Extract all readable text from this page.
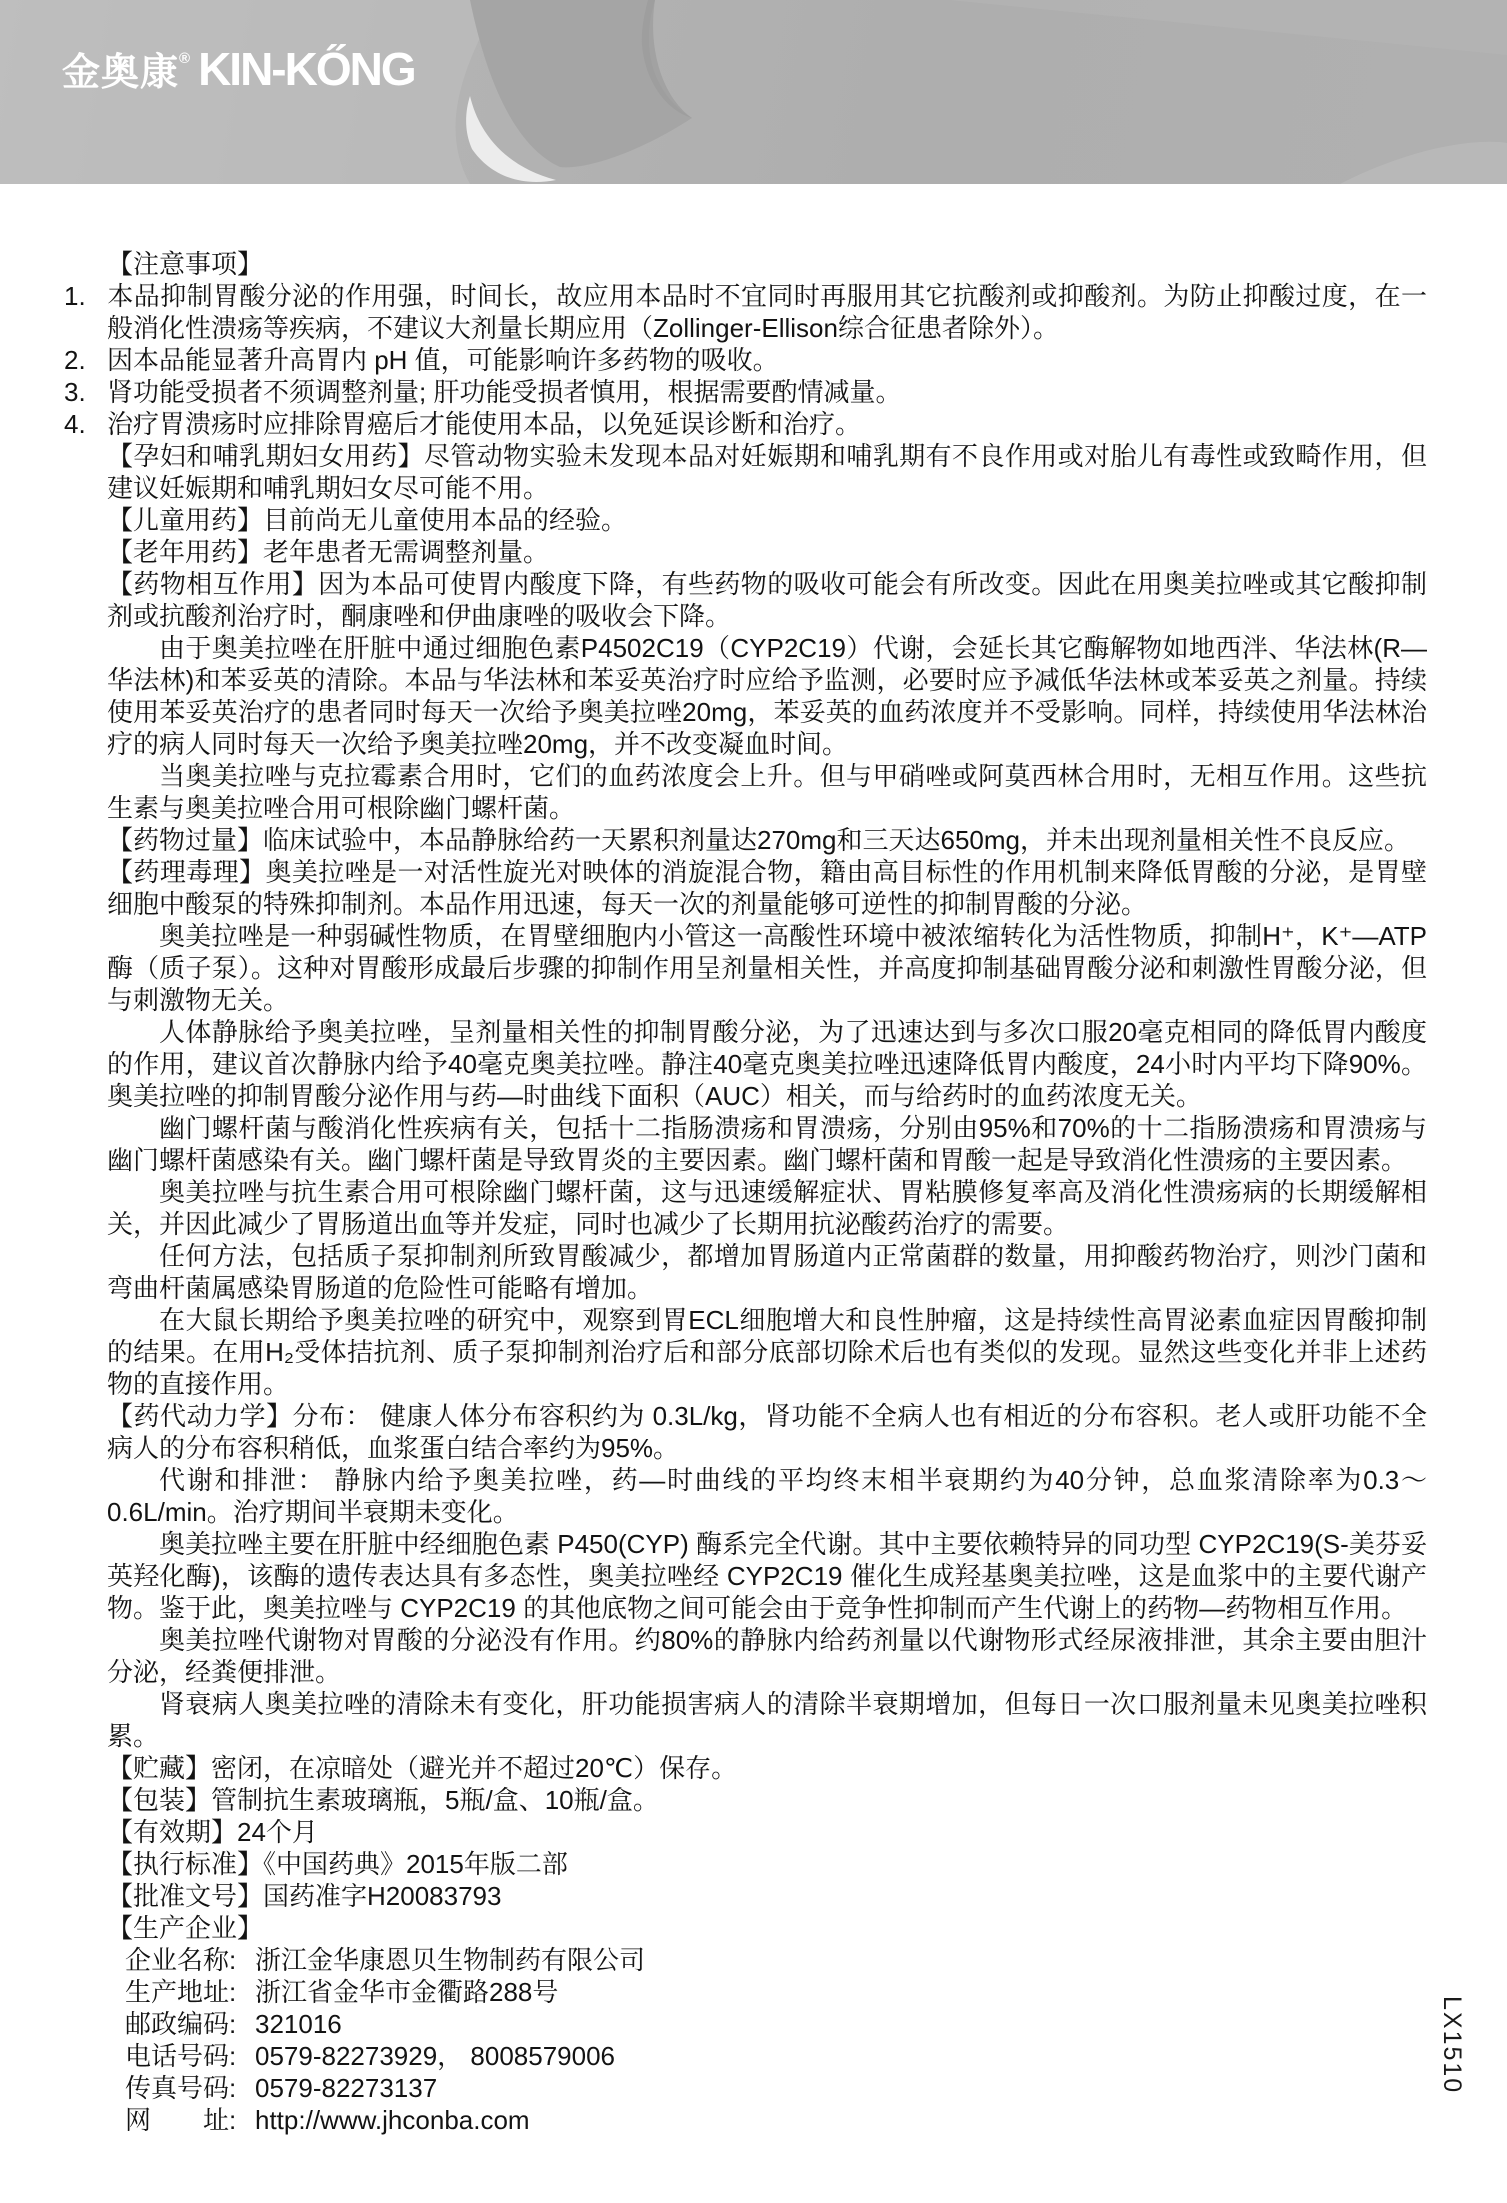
金奥康® KIN-KŐNG

【注意事项】

1. 本品抑制胃酸分泌的作用强，时间长，故应用本品时不宜同时再服用其它抗酸剂或抑酸剂。为防止抑酸过度，在一般消化性溃疡等疾病，不建议大剂量长期应用（Zollinger-Ellison综合征患者除外）。

2. 因本品能显著升高胃内 pH 值，可能影响许多药物的吸收。

3. 肾功能受损者不须调整剂量; 肝功能受损者慎用，根据需要酌情减量。

4. 治疗胃溃疡时应排除胃癌后才能使用本品，以免延误诊断和治疗。

【孕妇和哺乳期妇女用药】尽管动物实验未发现本品对妊娠期和哺乳期有不良作用或对胎儿有毒性或致畸作用，但建议妊娠期和哺乳期妇女尽可能不用。

【儿童用药】目前尚无儿童使用本品的经验。

【老年用药】老年患者无需调整剂量。

【药物相互作用】因为本品可使胃内酸度下降，有些药物的吸收可能会有所改变。因此在用奥美拉唑或其它酸抑制剂或抗酸剂治疗时，酮康唑和伊曲康唑的吸收会下降。

由于奥美拉唑在肝脏中通过细胞色素P4502C19（CYP2C19）代谢，会延长其它酶解物如地西泮、华法林(R—华法林)和苯妥英的清除。本品与华法林和苯妥英治疗时应给予监测，必要时应予减低华法林或苯妥英之剂量。持续使用苯妥英治疗的患者同时每天一次给予奥美拉唑20mg，苯妥英的血药浓度并不受影响。同样，持续使用华法林治疗的病人同时每天一次给予奥美拉唑20mg，并不改变凝血时间。

当奥美拉唑与克拉霉素合用时，它们的血药浓度会上升。但与甲硝唑或阿莫西林合用时，无相互作用。这些抗生素与奥美拉唑合用可根除幽门螺杆菌。

【药物过量】临床试验中，本品静脉给药一天累积剂量达270mg和三天达650mg，并未出现剂量相关性不良反应。

【药理毒理】奥美拉唑是一对活性旋光对映体的消旋混合物，籍由高目标性的作用机制来降低胃酸的分泌，是胃壁细胞中酸泵的特殊抑制剂。本品作用迅速，每天一次的剂量能够可逆性的抑制胃酸的分泌。

奥美拉唑是一种弱碱性物质，在胃壁细胞内小管这一高酸性环境中被浓缩转化为活性物质，抑制H⁺，K⁺—ATP酶（质子泵）。这种对胃酸形成最后步骤的抑制作用呈剂量相关性，并高度抑制基础胃酸分泌和刺激性胃酸分泌，但与刺激物无关。

人体静脉给予奥美拉唑，呈剂量相关性的抑制胃酸分泌，为了迅速达到与多次口服20毫克相同的降低胃内酸度的作用，建议首次静脉内给予40毫克奥美拉唑。静注40毫克奥美拉唑迅速降低胃内酸度，24小时内平均下降90%。奥美拉唑的抑制胃酸分泌作用与药—时曲线下面积（AUC）相关，而与给药时的血药浓度无关。

幽门螺杆菌与酸消化性疾病有关，包括十二指肠溃疡和胃溃疡，分别由95%和70%的十二指肠溃疡和胃溃疡与幽门螺杆菌感染有关。幽门螺杆菌是导致胃炎的主要因素。幽门螺杆菌和胃酸一起是导致消化性溃疡的主要因素。

奥美拉唑与抗生素合用可根除幽门螺杆菌，这与迅速缓解症状、胃粘膜修复率高及消化性溃疡病的长期缓解相关，并因此减少了胃肠道出血等并发症，同时也减少了长期用抗泌酸药治疗的需要。

任何方法，包括质子泵抑制剂所致胃酸减少，都增加胃肠道内正常菌群的数量，用抑酸药物治疗，则沙门菌和弯曲杆菌属感染胃肠道的危险性可能略有增加。

在大鼠长期给予奥美拉唑的研究中，观察到胃ECL细胞增大和良性肿瘤，这是持续性高胃泌素血症因胃酸抑制的结果。在用H₂受体拮抗剂、质子泵抑制剂治疗后和部分底部切除术后也有类似的发现。显然这些变化并非上述药物的直接作用。

【药代动力学】分布： 健康人体分布容积约为 0.3L/kg，肾功能不全病人也有相近的分布容积。老人或肝功能不全病人的分布容积稍低，血浆蛋白结合率约为95%。

代谢和排泄： 静脉内给予奥美拉唑，药—时曲线的平均终末相半衰期约为40分钟，总血浆清除率为0.3～0.6L/min。治疗期间半衰期未变化。

奥美拉唑主要在肝脏中经细胞色素 P450(CYP) 酶系完全代谢。其中主要依赖特异的同功型 CYP2C19(S-美芬妥英羟化酶)，该酶的遗传表达具有多态性，奥美拉唑经 CYP2C19 催化生成羟基奥美拉唑，这是血浆中的主要代谢产物。鉴于此，奥美拉唑与 CYP2C19 的其他底物之间可能会由于竞争性抑制而产生代谢上的药物—药物相互作用。

奥美拉唑代谢物对胃酸的分泌没有作用。约80%的静脉内给药剂量以代谢物形式经尿液排泄，其余主要由胆汁分泌，经粪便排泄。

肾衰病人奥美拉唑的清除未有变化，肝功能损害病人的清除半衰期增加，但每日一次口服剂量未见奥美拉唑积累。

【贮藏】密闭，在凉暗处（避光并不超过20℃）保存。

【包装】管制抗生素玻璃瓶，5瓶/盒、10瓶/盒。

【有效期】24个月

【执行标准】《中国药典》2015年版二部

【批准文号】国药准字H20083793

【生产企业】

企业名称: 浙江金华康恩贝生物制药有限公司

生产地址: 浙江省金华市金衢路288号

邮政编码: 321016

电话号码: 0579-82273929， 8008579006

传真号码: 0579-82273137

网　　址: http://www.jhconba.com

LX1510
